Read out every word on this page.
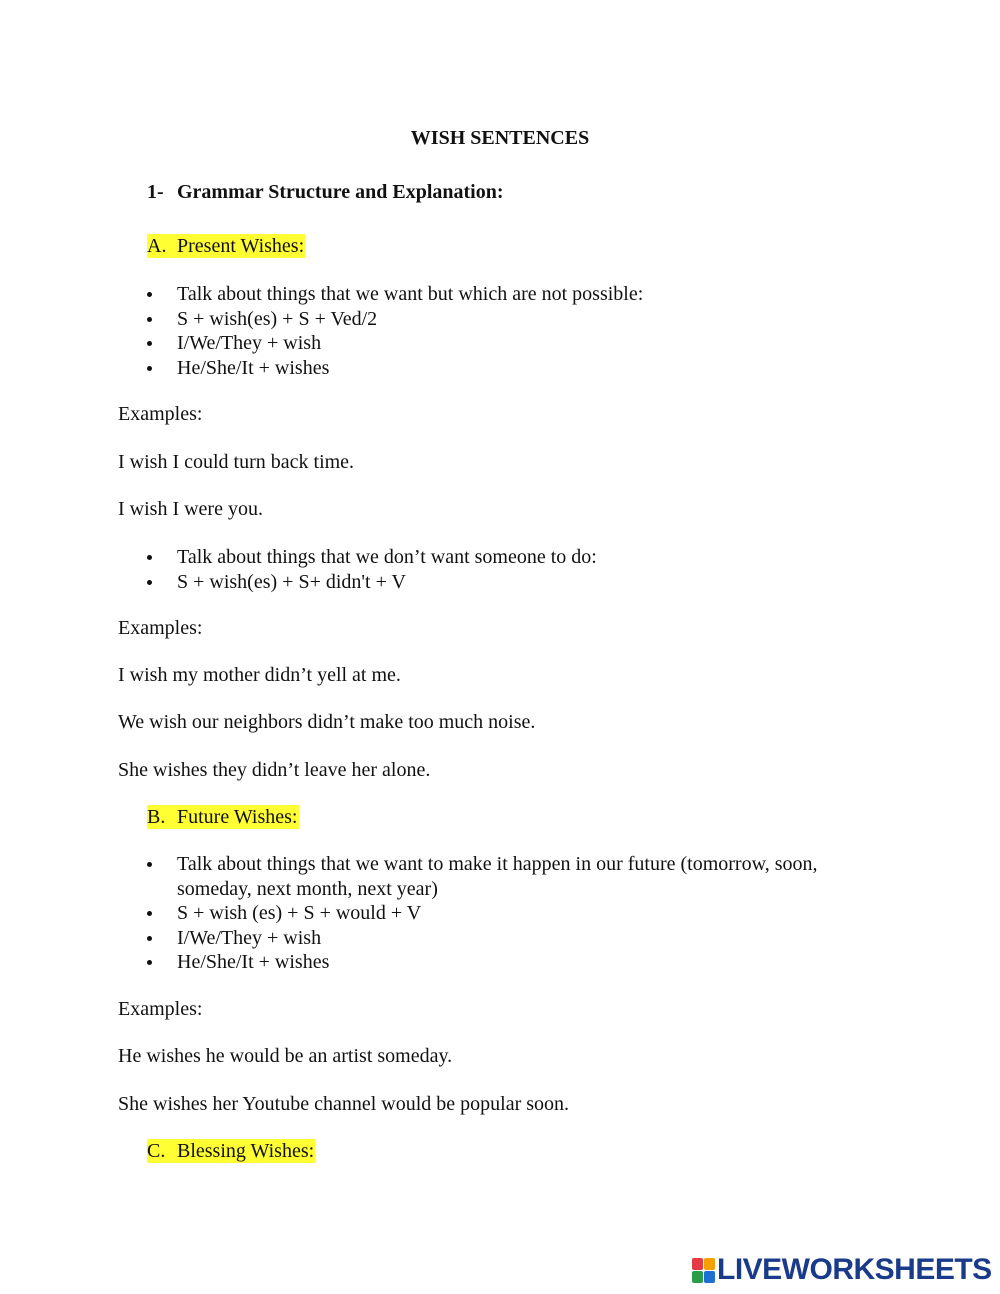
WISH SENTENCES
1- Grammar Structure and Explanation:
A. Present Wishes:
Talk about things that we want but which are not possible:
S + wish(es) + S + Ved/2
I/We/They + wish
He/She/It + wishes
Examples:
I wish I could turn back time.
I wish I were you.
Talk about things that we don’t want someone to do:
S + wish(es) + S+ didn't + V
Examples:
I wish my mother didn’t yell at me.
We wish our neighbors didn’t make too much noise.
She wishes they didn’t leave her alone.
B. Future Wishes:
Talk about things that we want to make it happen in our future (tomorrow, soon, someday, next month, next year)
S + wish (es) + S + would + V
I/We/They + wish
He/She/It + wishes
Examples:
He wishes he would be an artist someday.
She wishes her Youtube channel would be popular soon.
C. Blessing Wishes:
LIVEWORKSHEETS
